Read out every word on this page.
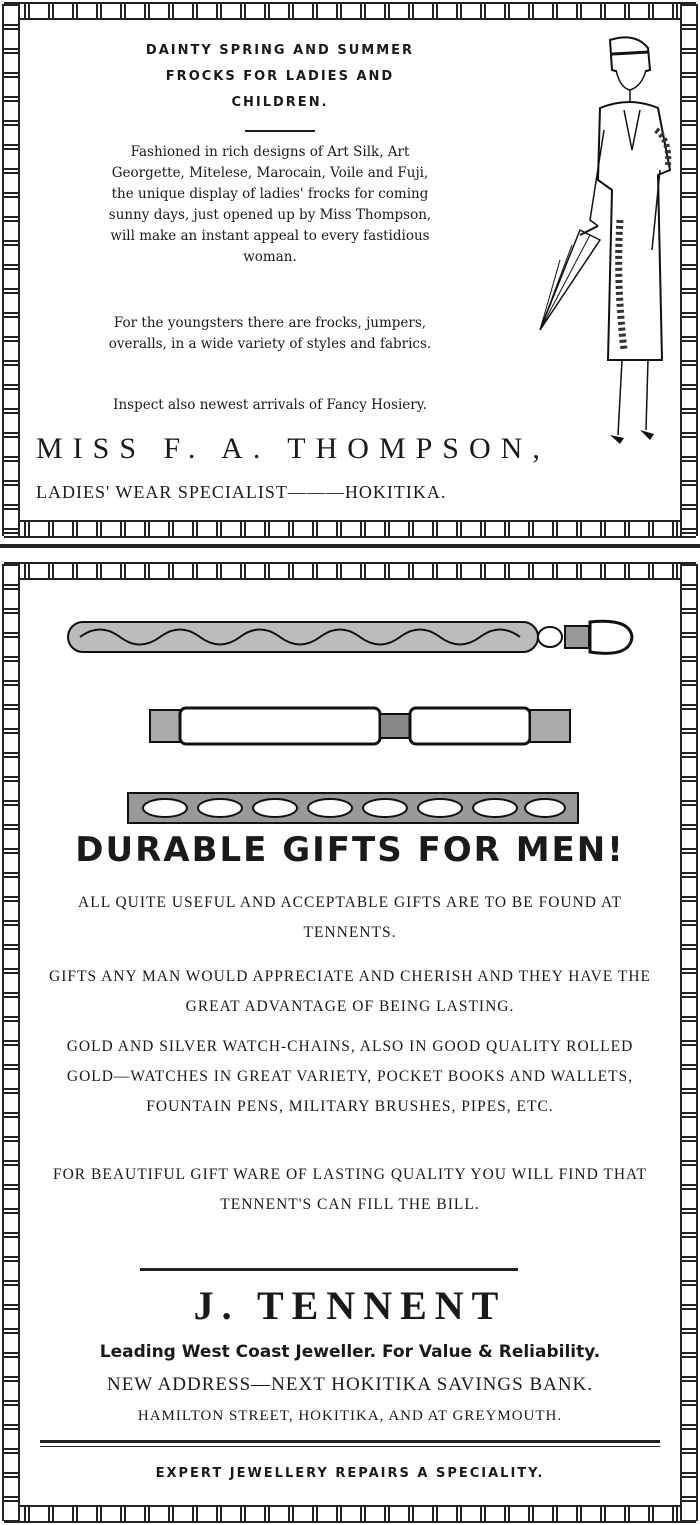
DAINTY SPRING AND SUMMER
FROCKS FOR LADIES AND
CHILDREN.
Fashioned in rich designs of Art Silk, Art Georgette, Mitelese, Marocain, Voile and Fuji, the unique display of ladies' frocks for coming sunny days, just opened up by Miss Thompson, will make an instant appeal to every fastidious woman.
For the youngsters there are frocks, jumpers, overalls, in a wide variety of styles and fabrics.
Inspect also newest arrivals of Fancy Hosiery.
MISS F. A. THOMPSON,
LADIES' WEAR SPECIALIST———HOKITIKA.
DURABLE GIFTS FOR MEN!
ALL QUITE USEFUL AND ACCEPTABLE GIFTS ARE TO BE FOUND AT TENNENTS.
GIFTS ANY MAN WOULD APPRECIATE AND CHERISH AND THEY HAVE THE GREAT ADVANTAGE OF BEING LASTING.
GOLD AND SILVER WATCH-CHAINS, ALSO IN GOOD QUALITY ROLLED GOLD—WATCHES IN GREAT VARIETY, POCKET BOOKS AND WALLETS, FOUNTAIN PENS, MILITARY BRUSHES, PIPES, ETC.
FOR BEAUTIFUL GIFT WARE OF LASTING QUALITY YOU WILL FIND THAT TENNENT'S CAN FILL THE BILL.
J. TENNENT
Leading West Coast Jeweller. For Value & Reliability.
NEW ADDRESS—NEXT HOKITIKA SAVINGS BANK.
HAMILTON STREET, HOKITIKA, AND AT GREYMOUTH.
EXPERT JEWELLERY REPAIRS A SPECIALITY.
